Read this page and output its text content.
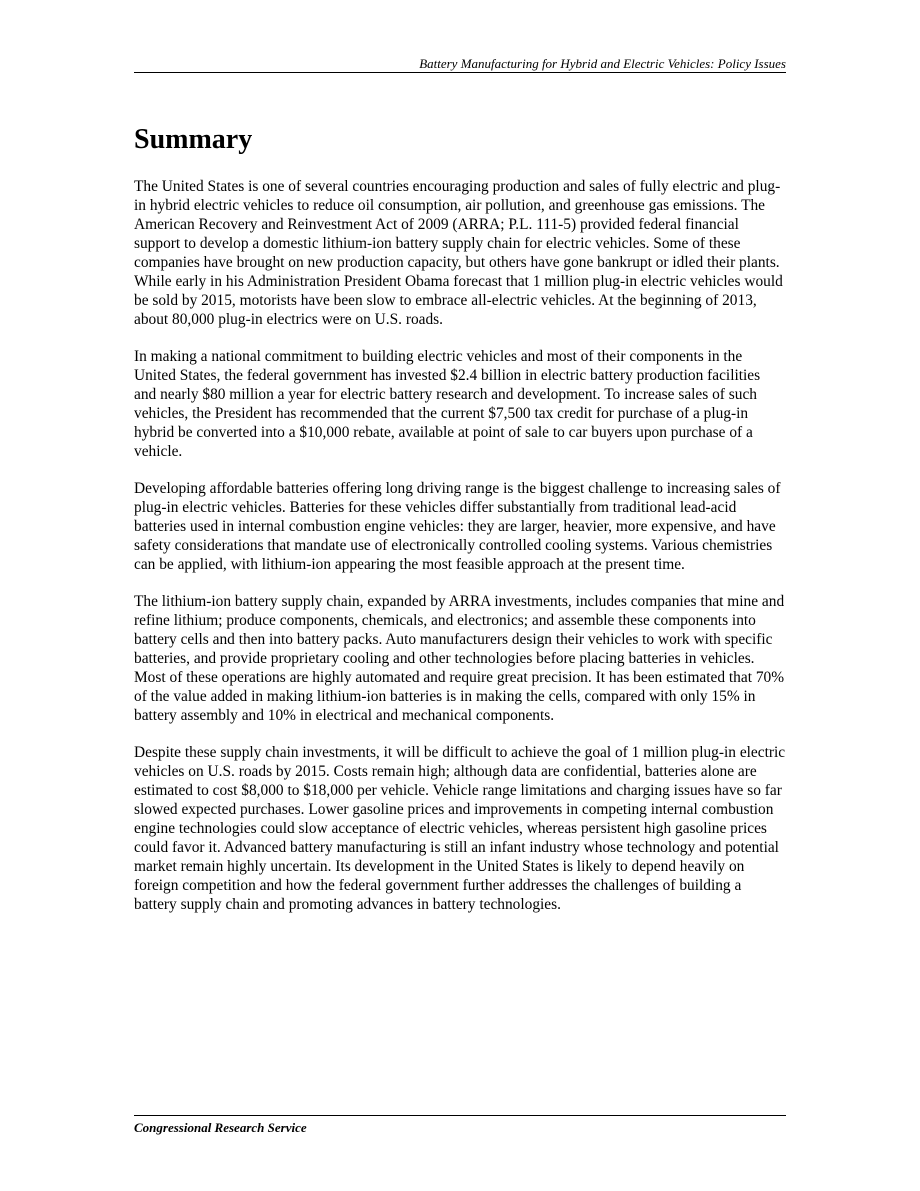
Battery Manufacturing for Hybrid and Electric Vehicles: Policy Issues
Summary

The United States is one of several countries encouraging production and sales of fully electric and plug-in hybrid electric vehicles to reduce oil consumption, air pollution, and greenhouse gas emissions. The American Recovery and Reinvestment Act of 2009 (ARRA; P.L. 111-5) provided federal financial support to develop a domestic lithium-ion battery supply chain for electric vehicles. Some of these companies have brought on new production capacity, but others have gone bankrupt or idled their plants. While early in his Administration President Obama forecast that 1 million plug-in electric vehicles would be sold by 2015, motorists have been slow to embrace all-electric vehicles. At the beginning of 2013, about 80,000 plug-in electrics were on U.S. roads.

In making a national commitment to building electric vehicles and most of their components in the United States, the federal government has invested $2.4 billion in electric battery production facilities and nearly $80 million a year for electric battery research and development. To increase sales of such vehicles, the President has recommended that the current $7,500 tax credit for purchase of a plug-in hybrid be converted into a $10,000 rebate, available at point of sale to car buyers upon purchase of a vehicle.

Developing affordable batteries offering long driving range is the biggest challenge to increasing sales of plug-in electric vehicles. Batteries for these vehicles differ substantially from traditional lead-acid batteries used in internal combustion engine vehicles: they are larger, heavier, more expensive, and have safety considerations that mandate use of electronically controlled cooling systems. Various chemistries can be applied, with lithium-ion appearing the most feasible approach at the present time.

The lithium-ion battery supply chain, expanded by ARRA investments, includes companies that mine and refine lithium; produce components, chemicals, and electronics; and assemble these components into battery cells and then into battery packs. Auto manufacturers design their vehicles to work with specific batteries, and provide proprietary cooling and other technologies before placing batteries in vehicles. Most of these operations are highly automated and require great precision. It has been estimated that 70% of the value added in making lithium-ion batteries is in making the cells, compared with only 15% in battery assembly and 10% in electrical and mechanical components.

Despite these supply chain investments, it will be difficult to achieve the goal of 1 million plug-in electric vehicles on U.S. roads by 2015. Costs remain high; although data are confidential, batteries alone are estimated to cost $8,000 to $18,000 per vehicle. Vehicle range limitations and charging issues have so far slowed expected purchases. Lower gasoline prices and improvements in competing internal combustion engine technologies could slow acceptance of electric vehicles, whereas persistent high gasoline prices could favor it. Advanced battery manufacturing is still an infant industry whose technology and potential market remain highly uncertain. Its development in the United States is likely to depend heavily on foreign competition and how the federal government further addresses the challenges of building a battery supply chain and promoting advances in battery technologies.

Congressional Research Service
